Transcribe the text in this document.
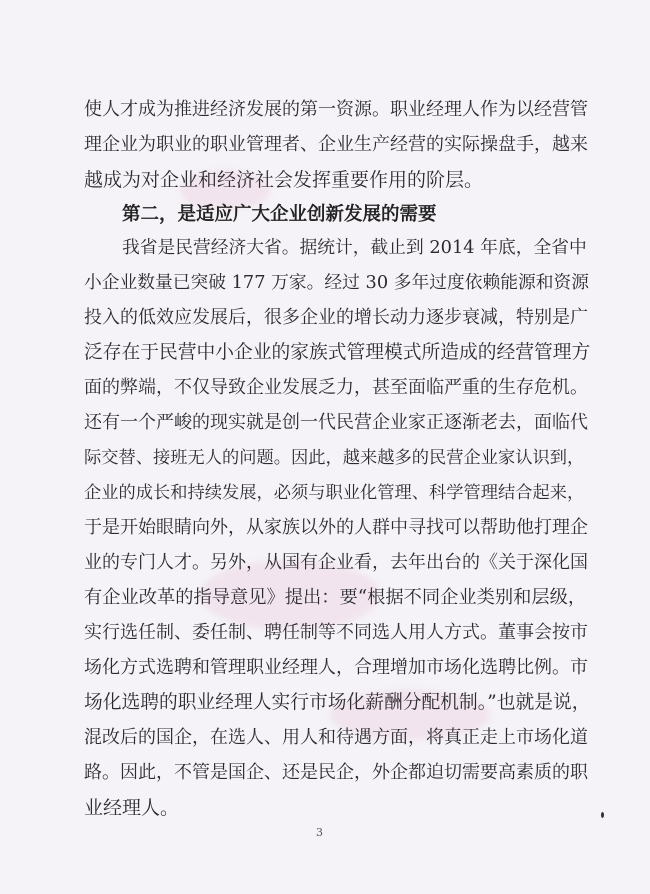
使人才成为推进经济发展的第一资源。职业经理人作为以经营管
理企业为职业的职业管理者、企业生产经营的实际操盘手，越来
越成为对企业和经济社会发挥重要作用的阶层。
第二，是适应广大企业创新发展的需要
我省是民营经济大省。据统计，截止到 2014 年底，全省中
小企业数量已突破 177 万家。经过 30 多年过度依赖能源和资源
投入的低效应发展后，很多企业的增长动力逐步衰减，特别是广
泛存在于民营中小企业的家族式管理模式所造成的经营管理方
面的弊端，不仅导致企业发展乏力，甚至面临严重的生存危机。
还有一个严峻的现实就是创一代民营企业家正逐渐老去，面临代
际交替、接班无人的问题。因此，越来越多的民营企业家认识到，
企业的成长和持续发展，必须与职业化管理、科学管理结合起来，
于是开始眼睛向外，从家族以外的人群中寻找可以帮助他打理企
业的专门人才。另外，从国有企业看，去年出台的《关于深化国
有企业改革的指导意见》提出：要“根据不同企业类别和层级，
实行选任制、委任制、聘任制等不同选人用人方式。董事会按市
场化方式选聘和管理职业经理人，合理增加市场化选聘比例。市
场化选聘的职业经理人实行市场化薪酬分配机制。”也就是说，
混改后的国企，在选人、用人和待遇方面，将真正走上市场化道
路。因此，不管是国企、还是民企，外企都迫切需要高素质的职
业经理人。
3
